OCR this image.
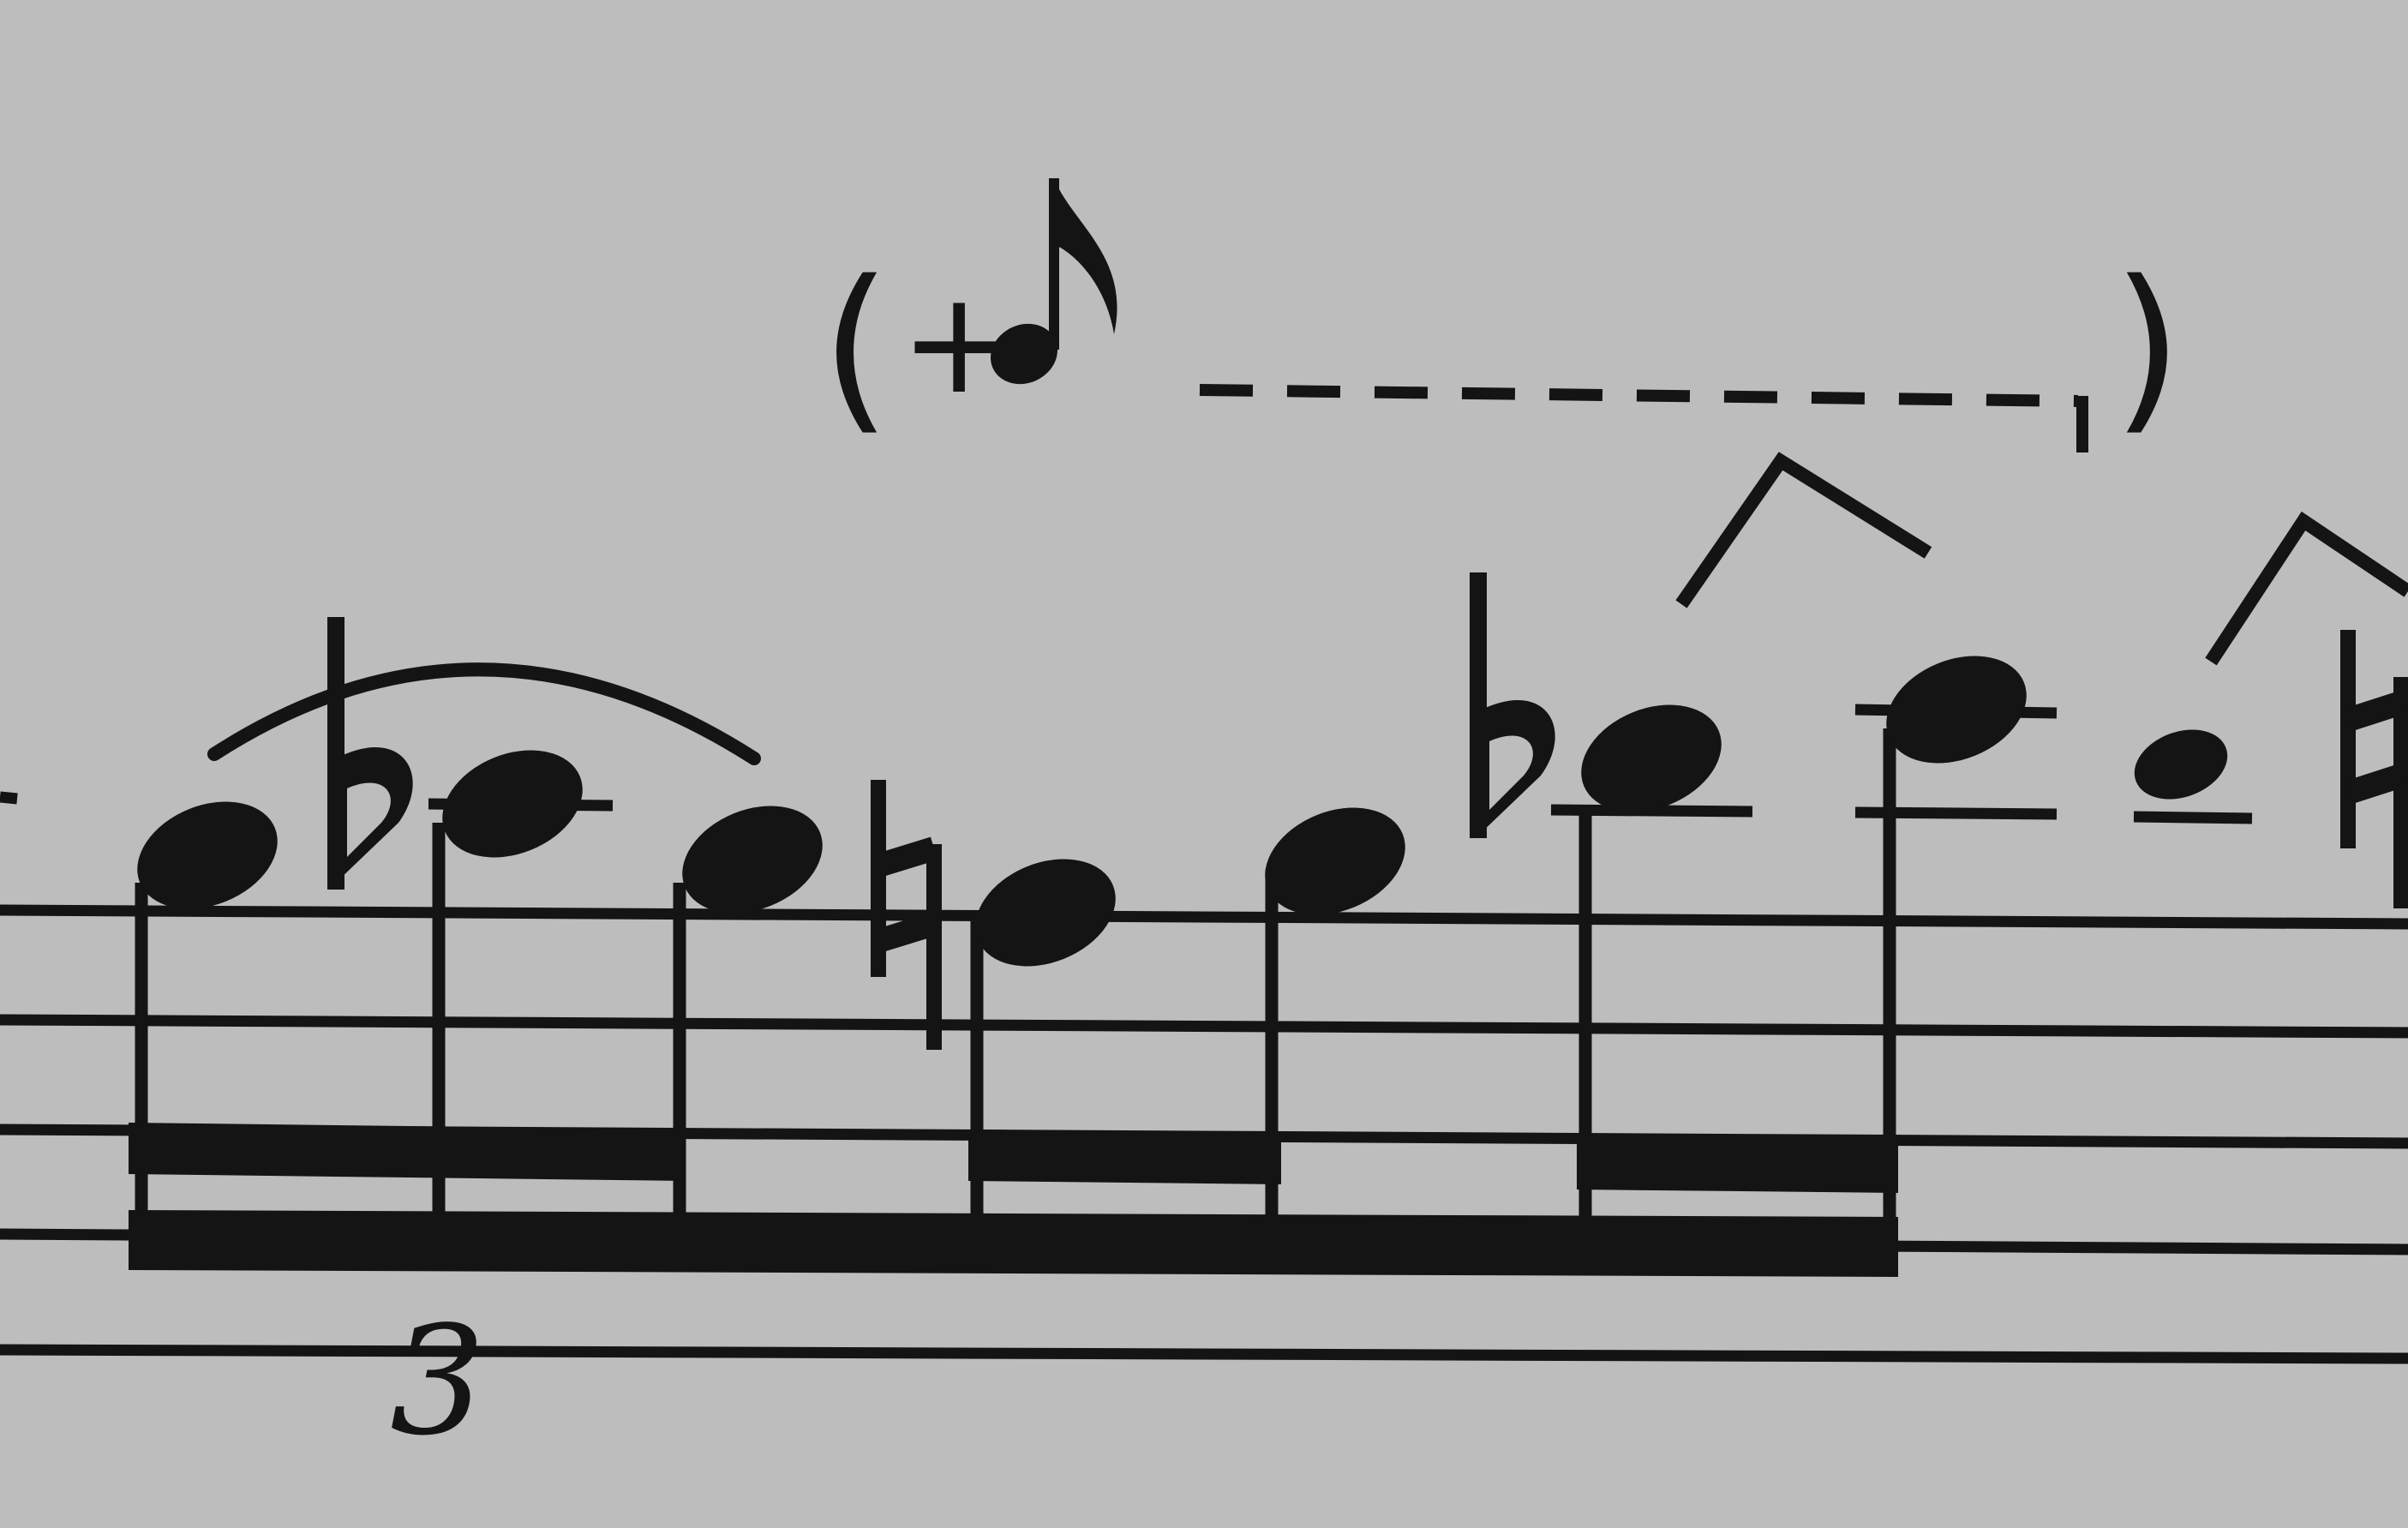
( +	)
3
